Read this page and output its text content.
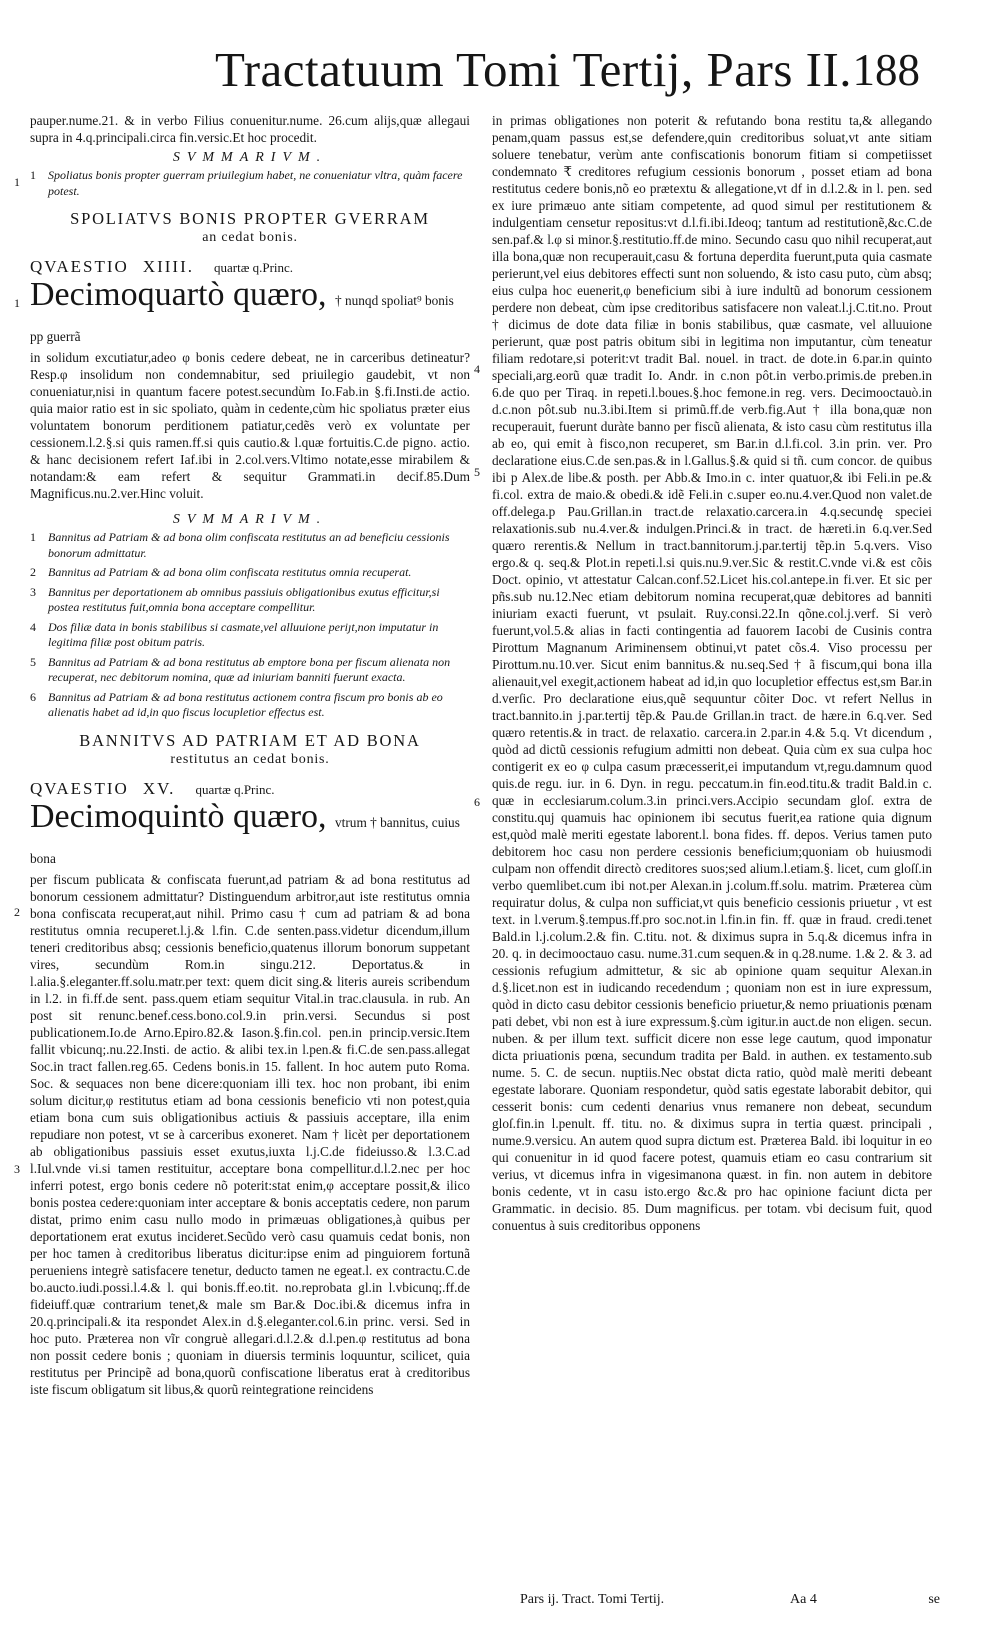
Tractatuum Tomi Tertij, Pars II. 188
1
1
2
3
4
5
6

pauper.nume.21. & in verbo Filius conuenitur.nume. 26.cum alijs,quæ allegaui supra in 4.q.principali.circa fin.versic.Et hoc procedit.

SVMMARIVM.
1 Spoliatus bonis propter guerram priuilegium habet, ne conueniatur vltra, quàm facere potest.
SPOLIATVS BONIS PROPTER GVERRAM
an cedat bonis.
QVAESTIO XIIII. quartæ q.Princ.

Decimoquartò quæro, † nunqd spoliat⁹ bonis pp guerrã

in solidum excutiatur,adeo φ bonis cedere debeat, ne in carceribus detineatur? Resp.φ insolidum non condemnabitur, sed priuilegio gaudebit, vt non conueniatur,nisi in quantum facere potest.secundùm Io.Fab.in §.fi.Insti.de actio. quia maior ratio est in sic spoliato, quàm in cedente,cùm hic spoliatus præter eius voluntatem bonorum perditionem patiatur,cedẽs verò ex voluntate per cessionem.l.2.§.si quis ramen.ff.si quis cautio.& l.quæ fortuitis.C.de pigno. actio. & hanc decisionem refert Iaf.ibi in 2.col.vers.Vltimo notate,esse mirabilem & notandam:& eam refert & sequitur Grammati.in decif.85.Dum Magnificus.nu.2.ver.Hinc voluit.

SVMMARIVM.
1 Bannitus ad Patriam & ad bona olim confiscata restitutus an ad beneficiu cessionis bonorum admittatur.
2 Bannitus ad Patriam & ad bona olim confiscata restitutus omnia recuperat.
3 Bannitus per deportationem ab omnibus passiuis obligationibus exutus efficitur,si postea restitutus fuit,omnia bona acceptare compellitur.
4 Dos filiæ data in bonis stabilibus si casmate,vel alluuione periȷt,non imputatur in legitima filiæ post obitum patris.
5 Bannitus ad Patriam & ad bona restitutus ab emptore bona per fiscum alienata non recuperat, nec debitorum nomina, quæ ad iniuriam banniti fuerunt exacta.
6 Bannitus ad Patriam & ad bona restitutus actionem contra fiscum pro bonis ab eo alienatis habet ad id,in quo fiscus locupletior effectus est.
BANNITVS AD PATRIAM ET AD BONA
restitutus an cedat bonis.
QVAESTIO XV. quartæ q.Princ.

Decimoquintò quæro, vtrum † bannitus, cuius bona

per fiscum publicata & confiscata fuerunt,ad patriam & ad bona restitutus ad bonorum cessionem admittatur? Distinguendum arbitror,aut iste restitutus omnia bona confiscata recuperat,aut nihil. Primo casu † cum ad patriam & ad bona restitutus omnia recuperet.l.j.& l.fin. C.de senten.pass.videtur dicendum,illum teneri creditoribus absq; cessionis beneficio,quatenus illorum bonorum suppetant vires, secundùm Rom.in singu.212. Deportatus.& in l.alia.§.eleganter.ff.solu.matr.per text: quem dicit sing.& literis aureis scribendum in l.2. in fi.ff.de sent. pass.quem etiam sequitur Vital.in trac.clausula. in rub. An post sit renunc.benef.cess.bono.col.9.in prin.versi. Secundus si post publicationem.Io.de Arno.Epiro.82.& Iason.§.fin.col. pen.in princip.versic.Item fallit vbicunq;.nu.22.Insti. de actio. & alibi tex.in l.pen.& fi.C.de sen.pass.allegat Soc.in tract fallen.reg.65. Cedens bonis.in 15. fallent. In hoc autem puto Roma. Soc. & sequaces non bene dicere:quoniam illi tex. hoc non probant, ibi enim solum dicitur,φ restitutus etiam ad bona cessionis beneficio vti non potest,quia etiam bona cum suis obligationibus actiuis & passiuis acceptare, illa enim repudiare non potest, vt se à carceribus exoneret. Nam † licèt per deportationem ab obligationibus passiuis esset exutus,iuxta l.j.C.de fideiusso.& l.3.C.ad l.Iul.vnde vi.si tamen restituitur, acceptare bona compellitur.d.l.2.nec per hoc inferri potest, ergo bonis cedere nõ poterit:stat enim,φ acceptare possit,& ilico bonis postea cedere:quoniam inter acceptare & bonis acceptatis cedere, non parum distat, primo enim casu nullo modo in primæuas obligationes,à quibus per deportationem erat exutus incideret.Secũdo verò casu quamuis cedat bonis, non per hoc tamen à creditoribus liberatus dicitur:ipse enim ad pinguiorem fortunã perueniens integrè satisfacere tenetur, deducto tamen ne egeat.l. ex contractu.C.de bo.aucto.iudi.possi.l.4.& l. qui bonis.ff.eo.tit. no.reprobata gl.in l.vbicunq;.ff.de fideiuff.quæ contrarium tenet,& male sm Bar.& Doc.ibi.& dicemus infra in 20.q.principali.& ita respondet Alex.in d.§.eleganter.col.6.in princ. versi. Sed in hoc puto. Præterea non vĩr congruè allegari.d.l.2.& d.l.pen.φ restitutus ad bona non possit cedere bonis ; quoniam in diuersis terminis loquuntur, scilicet, quia restitutus per Principẽ ad bona,quorũ confiscatione liberatus erat à creditoribus iste fiscum obligatum sit libus,& quorũ reintegratione reincidens

in primas obligationes non poterit & refutando bona restitu ta,& allegando penam,quam passus est,se defendere,quin creditoribus soluat,vt ante sitiam soluere tenebatur, verùm ante confiscationis bonorum fitiam si competiisset condemnato ₹ creditores refugium cessionis bonorum , posset etiam ad bona restitutus cedere bonis,nõ eo prætextu & allegatione,vt df in d.l.2.& in l. pen. sed ex iure primæuo ante sitiam competente, ad quod simul per restitutionem & indulgentiam censetur repositus:vt d.l.fi.ibi.Ideoq; tantum ad restitutionẽ,&c.C.de sen.paf.& l.φ si minor.§.restitutio.ff.de mino. Secundo casu quo nihil recuperat,aut illa bona,quæ non recuperauit,casu & fortuna deperdita fuerunt,puta quia casmate perierunt,vel eius debitores effecti sunt non soluendo, & isto casu puto, cùm absq; eius culpa hoc euenerit,φ beneficium sibi à iure indultũ ad bonorum cessionem perdere non debeat, cùm ipse creditoribus satisfacere non valeat.l.j.C.tit.no. Prout † dicimus de dote data filiæ in bonis stabilibus, quæ casmate, vel alluuione perierunt, quæ post patris obitum sibi in legitima non imputantur, cùm teneatur filiam redotare,si poterit:vt tradit Bal. nouel. in tract. de dote.in 6.par.in quinto speciali,arg.eorũ quæ tradit Io. Andr. in c.non pôt.in verbo.primis.de preben.in 6.de quo per Tiraq. in repeti.l.boues.§.hoc femone.in reg. vers. Decimooctauò.in d.c.non pôt.sub nu.3.ibi.Item si primũ.ff.de verb.fig.Aut † illa bona,quæ non recuperauit, fuerunt duràte banno per fiscũ alienata, & isto casu cùm restitutus illa ab eo, qui emit à fisco,non recuperet, sm Bar.in d.l.fi.col. 3.in prin. ver. Pro declaratione eius.C.de sen.pas.& in l.Gallus.§.& quid si tñ. cum concor. de quibus ibi p Alex.de libe.& posth. per Abb.& Imo.in c. inter quatuor,& ibi Feli.in pe.& fi.col. extra de maio.& obedi.& idẽ Feli.in c.super eo.nu.4.ver.Quod non valet.de off.delega.p Pau.Grillan.in tract.de relaxatio.carcera.in 4.q.secundę speciei relaxationis.sub nu.4.ver.& indulgen.Princi.& in tract. de hæreti.in 6.q.ver.Sed quæro rerentis.& Nellum in tract.bannitorum.j.par.tertij tẽp.in 5.q.vers. Viso ergo.& q. seq.& Plot.in repeti.l.si quis.nu.9.ver.Sic & restit.C.vnde vi.& est cõis Doct. opinio, vt attestatur Calcan.conf.52.Licet his.col.antepe.in fi.ver. Et sic per pñs.sub nu.12.Nec etiam debitorum nomina recuperat,quæ debitores ad banniti iniuriam exacti fuerunt, vt psulait. Ruy.consi.22.In qõne.col.j.verf. Si verò fuerunt,vol.5.& alias in facti contingentia ad fauorem Iacobi de Cusinis contra Pirottum Magnanum Ariminensem obtinui,vt patet cõs.4. Viso processu per Pirottum.nu.10.ver. Sicut enim bannitus.& nu.seq.Sed † ã fiscum,qui bona illa alienauit,vel exegit,actionem habeat ad id,in quo locupletior effectus est,sm Bar.in d.verſic. Pro declaratione eius,quẽ sequuntur cõiter Doc. vt refert Nellus in tract.bannito.in j.par.tertij tẽp.& Pau.de Grillan.in tract. de hære.in 6.q.ver. Sed quæro retentis.& in tract. de relaxatio. carcera.in 2.par.in 4.& 5.q. Vt dicendum , quòd ad dictũ cessionis refugium admitti non debeat. Quia cùm ex sua culpa hoc contigerit ex eo φ culpa casum præcesserit,ei imputandum vt,regu.damnum quod quis.de regu. iur. in 6. Dyn. in regu. peccatum.in fin.eod.titu.& tradit Bald.in c. quæ in ecclesiarum.colum.3.in princi.vers.Accipio secundam gloſ. extra de constitu.quj quamuis hac opinionem ibi secutus fuerit,ea ratione quia dignum est,quòd malè meriti egestate laborent.l. bona fides. ff. depos. Verius tamen puto debitorem hoc casu non perdere cessionis beneficium;quoniam ob huiusmodi culpam non offendit directò creditores suos;sed alium.l.etiam.§. licet, cum gloſſ.in verbo quemlibet.cum ibi not.per Alexan.in j.colum.ff.solu. matrim. Præterea cùm requiratur dolus, & culpa non sufficiat,vt quis beneficio cessionis priuetur , vt est text. in l.verum.§.tempus.ff.pro soc.not.in l.fin.in fin. ff. quæ in fraud. credi.tenet Bald.in l.j.colum.2.& fin. C.titu. not. & diximus supra in 5.q.& dicemus infra in 20. q. in decimooctauo casu. nume.31.cum sequen.& in q.28.nume. 1.& 2. & 3. ad cessionis refugium admittetur, & sic ab opinione quam sequitur Alexan.in d.§.licet.non est in iudicando recedendum ; quoniam non est in iure expressum, quòd in dicto casu debitor cessionis beneficio priuetur,& nemo priuationis pœnam pati debet, vbi non est à iure expressum.§.cùm igitur.in auct.de non eligen. secun. nuben. & per illum text. sufficit dicere non esse lege cautum, quod imponatur dicta priuationis pœna, secundum tradita per Bald. in authen. ex testamento.sub nume. 5. C. de secun. nuptiis.Nec obstat dicta ratio, quòd malè meriti debeant egestate laborare. Quoniam respondetur, quòd satis egestate laborabit debitor, qui cesserit bonis: cum cedenti denarius vnus remanere non debeat, secundum gloſ.fin.in l.penult. ff. titu. no. & diximus supra in tertia quæst. principali , nume.9.versicu. An autem quod supra dictum est. Præterea Bald. ibi loquitur in eo qui conuenitur in id quod facere potest, quamuis etiam eo casu contrarium sit verius, vt dicemus infra in vigesimanona quæst. in fin. non autem in debitore bonis cedente, vt in casu isto.ergo &c.& pro hac opinione faciunt dicta per Grammatic. in decisio. 85. Dum magnificus. per totam. vbi decisum fuit, quod conuentus à suis creditoribus opponens

Pars ij. Tract. Tomi Tertij.	Aa 4	se
